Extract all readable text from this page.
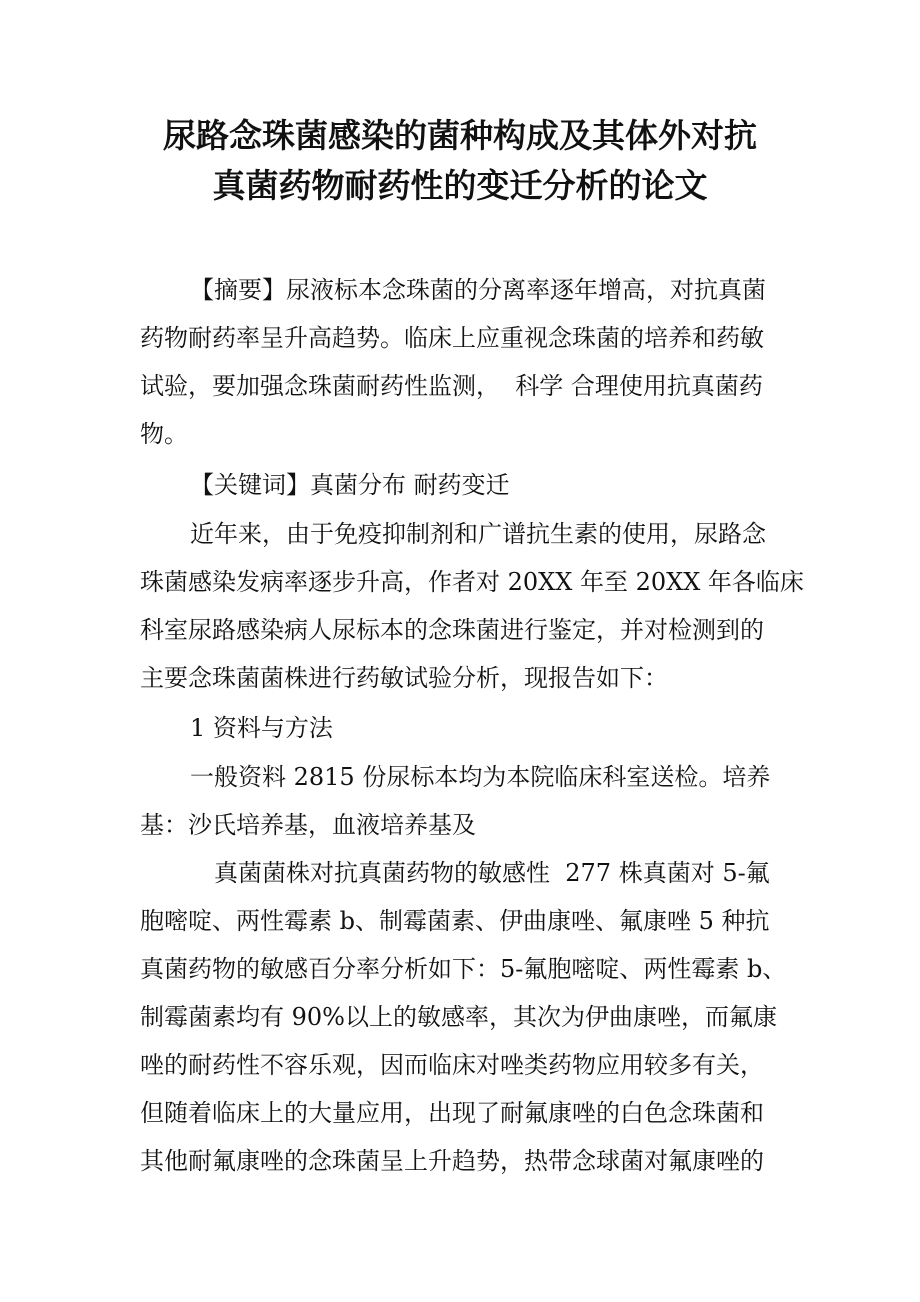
尿路念珠菌感染的菌种构成及其体外对抗
真菌药物耐药性的变迁分析的论文
【摘要】尿液标本念珠菌的分离率逐年增高，对抗真菌
药物耐药率呈升高趋势。临床上应重视念珠菌的培养和药敏
试验，要加强念珠菌耐药性监测，  科学 合理使用抗真菌药
物。
【关键词】真菌分布 耐药变迁
近年来，由于免疫抑制剂和广谱抗生素的使用，尿路念
珠菌感染发病率逐步升高，作者对 20XX 年至 20XX 年各临床
科室尿路感染病人尿标本的念珠菌进行鉴定，并对检测到的
主要念珠菌菌株进行药敏试验分析，现报告如下：
1 资料与方法
一般资料 2815 份尿标本均为本院临床科室送检。培养
基：沙氏培养基，血液培养基及
真菌菌株对抗真菌药物的敏感性  277 株真菌对 5-氟
胞嘧啶、两性霉素 b、制霉菌素、伊曲康唑、氟康唑 5 种抗
真菌药物的敏感百分率分析如下：5-氟胞嘧啶、两性霉素 b、
制霉菌素均有 90%以上的敏感率，其次为伊曲康唑，而氟康
唑的耐药性不容乐观，因而临床对唑类药物应用较多有关，
但随着临床上的大量应用，出现了耐氟康唑的白色念珠菌和
其他耐氟康唑的念珠菌呈上升趋势，热带念球菌对氟康唑的
